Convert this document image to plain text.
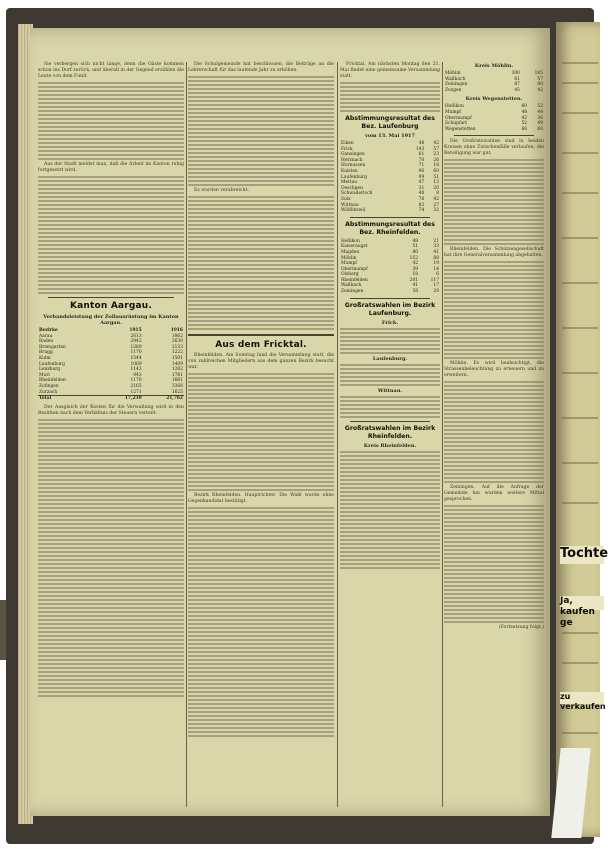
Tochte
Ja, kaufen ge
zu verkaufen

Sie verbergen sich nicht lange, denn die Gäste kommen schon ins Dorf zurück, und überall in der Gegend erzählen die Leute von dem Fund.

Aus der Stadt meldet man, daß die Arbeit im Kanton ruhig fortgesetzt wird.

Kanton Aargau.
Verbandsleistung der Zollausrüstung im Kanton Aargau.
Bezirke	1915	1916
Aarau	2613	1862
Baden	2942	2630
Bremgarten	1269	2133
Brugg	1170	1222
Kulm	1544	1501
Laufenburg	1069	1409
Lenzburg	1143	1262
Muri	943	1761
Rheinfelden	1170	1661
Zofingen	2165	3366
Zurzach	1271	1625
Total	17,239	21,762

Der Ausgleich der Kosten für die Verwaltung wird in den Bezirken nach dem Verhältnis der Steuern verteilt.

Die Schulgemeinde hat beschlossen, die Beiträge an die Lehrerschaft für das laufende Jahr zu erhöhen.

Es wurden verabreicht:

Aus dem Fricktal.

Rheinfelden. Am Sonntag fand die Versammlung statt, die von zahlreichen Mitgliedern aus dem ganzen Bezirk besucht war.

Bezirk Rheinfelden. Hauptrichter. Die Wahl wurde ohne Gegenkandidat bestätigt.

Fricktal. Am nächsten Montag den 21. Mai findet eine gemeinsame Versammlung statt.

Abstimmungsresultat des Bez. Laufenburg
vom 13. Mai 1917
Eiken	48	42
Frick	143	57
Gansingen	61	23
Herznach	70	26
Hornussen	71	18
Kaisten	96	60
Laufenburg	99	51
Mettau	47	12
Oeschgen	31	20
Schwaderloch	40	8
Sulz	76	42
Wittnau	82	27
Wölflinswil	74	32
Abstimmungsresultat des Bez. Rheinfelden.
Hellikon	48	21
Kaiseraugst	51	33
Magden	80	41
Möhlin	152	88
Mumpf	42	19
Obermumpf	39	14
Olsberg	18	6
Rheinfelden	201	117
Wallbach	41	17
Zeiningen	58	29
Großratswahlen im Bezirk Laufenburg.
Frick.
Laufenburg.
Wittnau.
Großratswahlen im Bezirk Rheinfelden.
Kreis Rheinfelden.
Kreis Möhlin.
Möhlin	300	185
Wallbach	61	57
Zeiningen	87	80
Zuzgen	45	42
Kreis Wegenstetten.
Hellikon	60	52
Mumpf	48	44
Obermumpf	42	36
Schupfart	52	49
Wegenstetten	66	60

Die Großratswahlen sind in beiden Kreisen ohne Zwischenfälle verlaufen; die Beteiligung war gut.

Rheinfelden. Die Schützengesellschaft hat ihre Generalversammlung abgehalten.

Möhlin. Es wird beabsichtigt, die Strassenbeleuchtung zu erneuern und zu erweitern.

Zeiningen. Auf die Anfrage der Gemeinde hin wurden weitere Mittel gesprochen.

(Fortsetzung folgt.)
